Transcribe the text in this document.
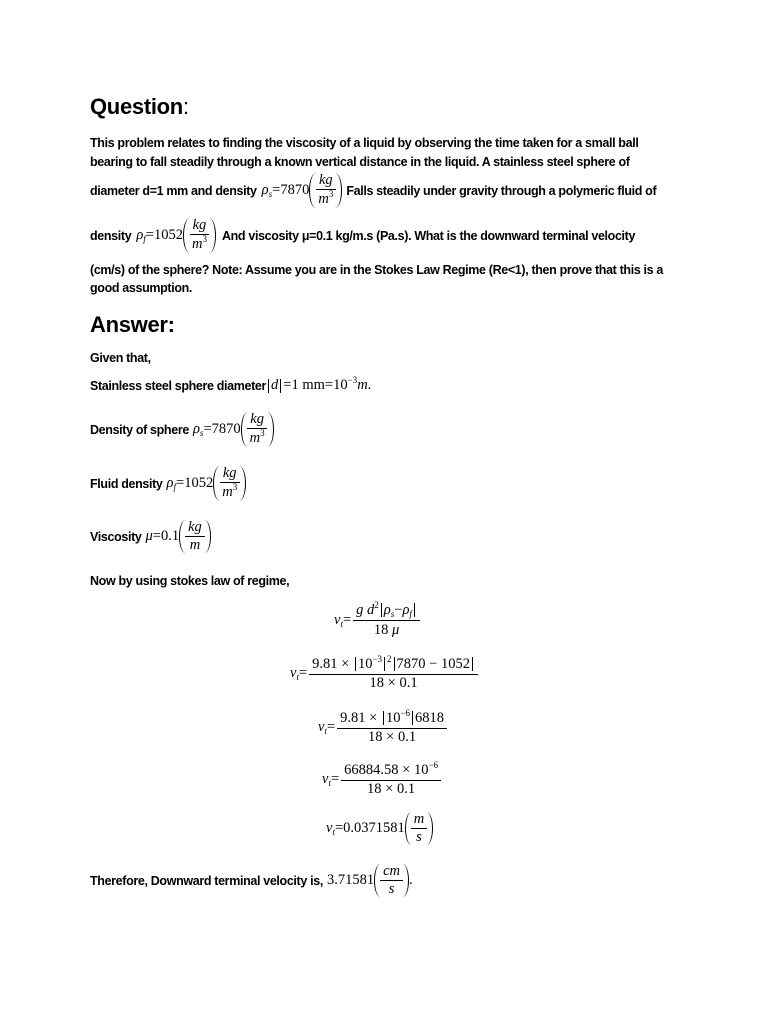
Question:
This problem relates to finding the viscosity of a liquid by observing the time taken for a small ball
bearing to fall steadily through a known vertical distance in the liquid. A stainless steel sphere of
diameter d=1 mm and density $\rho_s = 7870 \frac{kg}{m^3}$ Falls steadily under gravity through a polymeric fluid of
density $\rho_f = 1052 \frac{kg}{m^3}$ And viscosity μ=0.1 kg/m.s (Pa.s). What is the downward terminal velocity
(cm/s) of the sphere? Note: Assume you are in the Stokes Law Regime (Re<1), then prove that this is a
good assumption.
Answer:
Given that,
Stainless steel sphere diameter d = 1 mm = 10 −3 m .
Density of sphere $\rho_s = 7870 \frac{kg}{m^3}$
Fluid density $\rho_f = 1052 \frac{kg}{m^3}$
Viscosity $\mu = 0.1 \frac{kg}{m}$
Now by using stokes law of regime,
$v_t = \frac{g d^2 \rho_s-\rho_f}{18 \mu}$
$v_t = \frac{9.81 \times 10^{-3} ^2 7870 - 1052}{18 \times 0.1}$
$v_t = \frac{9.81 \times 10^{-6} 6818}{18 \times 0.1}$
$v_t = \frac{66884.58 \times 10^{-6}}{18 \times 0.1}$
$v_t = 0.0371581 \frac{m}{s}$
Therefore, Downward terminal velocity is, $3.71581 \frac{cm}{s}$ .
